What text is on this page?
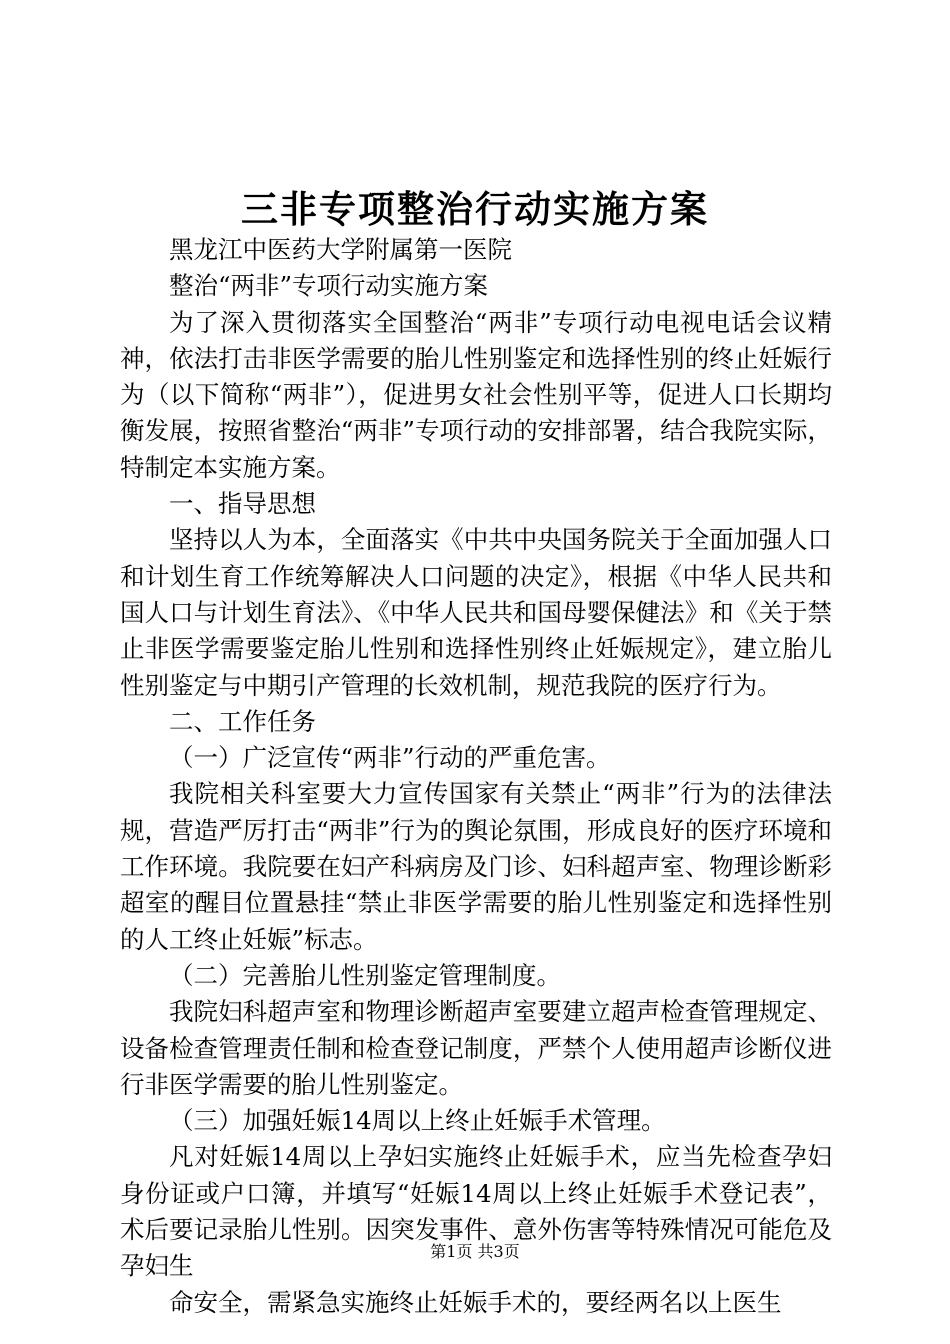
三非专项整治行动实施方案

黑龙江中医药大学附属第一医院

整治“两非”专项行动实施方案

为了深入贯彻落实全国整治“两非”专项行动电视电话会议精神，依法打击非医学需要的胎儿性别鉴定和选择性别的终止妊娠行为（以下简称“两非”），促进男女社会性别平等，促进人口长期均衡发展，按照省整治“两非”专项行动的安排部署，结合我院实际，特制定本实施方案。

一、指导思想

坚持以人为本，全面落实《中共中央国务院关于全面加强人口和计划生育工作统筹解决人口问题的决定》，根据《中华人民共和国人口与计划生育法》、《中华人民共和国母婴保健法》和《关于禁止非医学需要鉴定胎儿性别和选择性别终止妊娠规定》，建立胎儿性别鉴定与中期引产管理的长效机制，规范我院的医疗行为。

二、工作任务

（一）广泛宣传“两非”行动的严重危害。

我院相关科室要大力宣传国家有关禁止“两非”行为的法律法规，营造严厉打击“两非”行为的舆论氛围，形成良好的医疗环境和工作环境。我院要在妇产科病房及门诊、妇科超声室、物理诊断彩超室的醒目位置悬挂“禁止非医学需要的胎儿性别鉴定和选择性别的人工终止妊娠”标志。

（二）完善胎儿性别鉴定管理制度。

我院妇科超声室和物理诊断超声室要建立超声检查管理规定、设备检查管理责任制和检查登记制度，严禁个人使用超声诊断仪进行非医学需要的胎儿性别鉴定。

（三）加强妊娠14周以上终止妊娠手术管理。

凡对妊娠14周以上孕妇实施终止妊娠手术，应当先检查孕妇身份证或户口簿，并填写“妊娠14周以上终止妊娠手术登记表”，术后要记录胎儿性别。因突发事件、意外伤害等特殊情况可能危及孕妇生

命安全，需紧急实施终止妊娠手术的，要经两名以上医生

第1页 共3页
